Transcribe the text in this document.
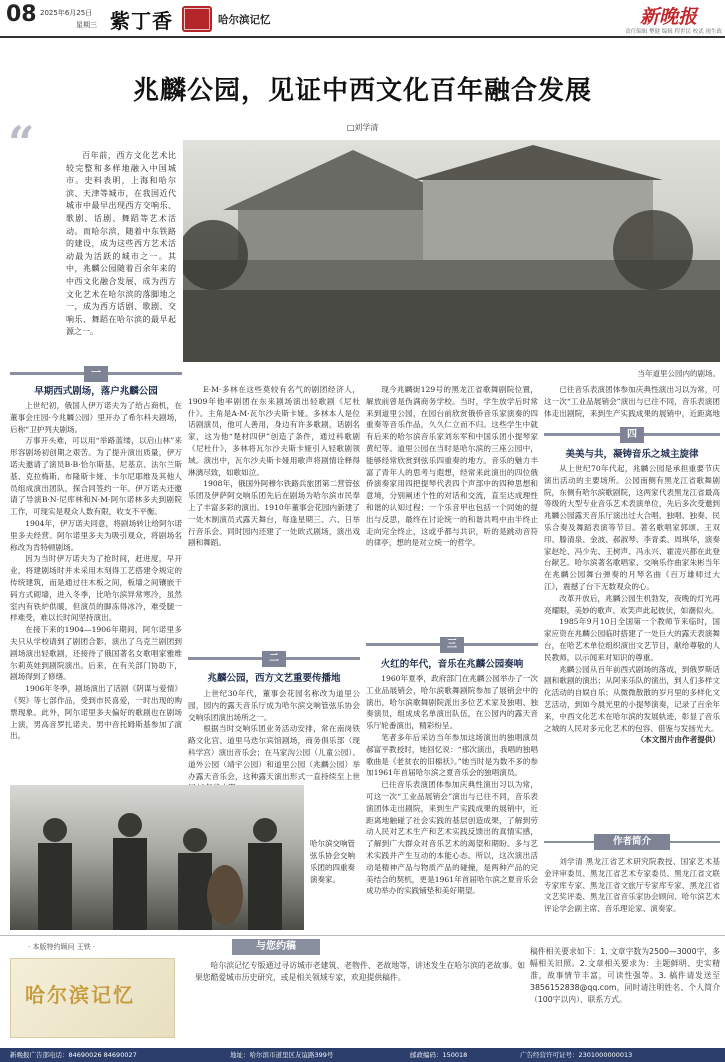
08 2025年6月25日
星期三 紫丁香	哈尔滨记忆	新晚报
责任编辑 樊健 编辑 程世民 校武 视生政
兆麟公园，见证中西文化百年融合发展
□刘学清
“	百年前，西方文化艺术比较完整和多样地融入中国城市。史料表明，上海和哈尔滨、天津等城市，在我国近代城市中最早出现西方交响乐、歌剧、话剧、舞蹈等艺术活动。而哈尔滨，随着中东铁路的建设，成为这些西方艺术活动最为活跃的城市之一。其中，兆麟公园随着百余年来的中西文化融合发展，成为西方文化艺术在哈尔滨的落脚地之一，成为西方话剧、歌剧、交响乐、舞蹈在哈尔滨的最早起源之一。
当年道里公园内的剧场。
一
早期西式剧场，落户兆麟公园

上世纪初，俄国人伊万诺夫为了给占商机，在董事会庄园·今兆麟公园）里开办了希尔科夫剧场，后称“卫护列夫剧场。

万事开头难，可以用“举路蓝缕，以启山林”来形容剧场初创期之艰苦。为了提升演出质量，伊万诺夫邀请了演员B·B·恰尔斯基、尼基京、法尔兰斯基、克拉梅斯、布隆斯卡娅、卡尔尼耶维及其他人员组成演出团队，探合同签约一年。伊万诺夫还邀请了导演B·N·尼库林和N·M·阿尔诺林多夫到剧院工作，可现实是观众人数有限，收支不平衡。

1904年，伊万诺夫同意，将剧场转让给阿尔诺里多夫经营。阿尔诺里多夫为吸引观众，将剧场名称改为肯特顿剧场。

因为当时伊万诺夫为了抢时间，赶进度，早开业，将建剧场时并未采用木刻得工艺搭建令规定的传统建筑，而是通过往木板之间，板墙之间镶嵌干码方式砌墙，进入冬季，比哈尔滨异常寒冷，虽然室内有铁炉供暖，但演员的脚冻得冰冷，难受腿一样难受，难以长时间坚持演出。

在接下来的1904—1906年期间，阿尔诺里多夫只从学校请到了剧团合影，演出了乌克兰剧团到剧场演出轻歌剧，还接待了俄国著名女歌唱家雅维尔莉英娃到剧院演出。后来，在有关部门协助下，剧场得到了修缮。

1906年冬季，剧场演出了话剧《阴谋与爱情》《契》等七部作品，受到市民喜爱，一时出现的购票现象。此外，阿尔诺里多夫偏好的歌剧也在剧场上演，男高音罗扎诺夫、男中音托姆斯基参加了演出。

E·M·多林在这些莫较有名气的剧团经济人，1909年他率剧团在东来剧场演出轻歌剧《尼杜什》。主角是A·M·瓦尔沙夫斯卡娅。多林本人是位话剧演员，他可人善用，身边有许多歌剧，话剧名家，这为他“楚材四伊”创造了条件，通过科歌剧《尼杜什》，多林将瓦尔沙夫斯卡娅引入轻歌剧领域。演出中，瓦尔沙夫斯卡娅用歌声将剧情诠释得淋漓尽致，如歌如泣。

1908年，俄国外阿穆尔铁路兵旅团第二营管弦乐团及伊萨阿交响乐团先后在剧场为哈尔滨市民奉上了丰富多彩的演出。1910年董事会花园内新建了一处木制演员式露天舞台，每逢星期三、六、日举行音乐会。同时园内还建了一处欧式剧场，演出戏剧和舞蹈。

二
兆麟公园，西方文艺重要传播地

上世纪30年代，董事会花园名称改为道里公园，园内的露天音乐厅成为哈尔滨交响管弦乐协会交响乐团演出场所之一。

根据当时交响乐团业务活动安排，常在南岗铁路文化宫、道里马迭尔宾馆剧场，商务俱乐部（现科学宫）演出音乐会；在马家沟公园（儿童公园）、道外公园（靖宇公园）和道里公园（兆麟公园）举办露天音乐会，这种露天演出形式一直持续至上世

现今兆麟街129号的黑龙江省歌舞剧院位置，解放前曾是伪满商务学校。当时，学生放学后时常来到道里公园，在园台前欣赏俄侨音乐家演奏的四重奏等音乐作品，久久仁立而不归。这些学生中就有后来的哈尔滨音乐家刘东军和中国乐团小提琴家黄纪等。道里公园在当时是哈尔滨的三座公园中，能够经常欣赏到弦乐四重奏的地方。音乐的魅力丰富了青年人的思考与遐想，经常来此演出的四位俄侨演奏家用四把提琴代表四个声部中的四种思想和意境，分别阐述个性的对话和交流，直至达成理性和谐的认知过程；一个乐音甲也包括一个同她的提出与反思，最终在讨论统一的和谐共鸣中由半终止走向完全终止，这或乎都与共识，听的是跳动音符的律亭，想的是对立统一的哲学。

三
火红的年代，音乐在兆麟公园奏响

1960年夏季，政府部门在兆麟公园举办了一次工业品展销会，哈尔滨歌舞剧院参加了展销会中的演出，哈尔滨歌舞剧院派出多位艺术家及独唱、独奏演员，组成成名单演出队伍，在公园内的露天音乐厅轮番演出，精彩纷呈。

笔者多年后采访当年参加这场演出的独唱演员郝富平教授时，她回忆说：“那次演出，我唱的独唱歌曲是《老贫农的旧棉袄》。”她当时是为数不多的参加1961年首届哈尔滨之夏音乐会的独唱演员。

已往音乐表演团体参加庆典性演出习以为常，可这一次“工业品展销会”演出与已往不同，音乐表演团体走出剧院，来到生产实践成果的展销中，近距离地触碰了社会实践的基层创造成果，了解到劳动人民对艺术生产和艺术实践反馈出的真情实感，了解到广大群众对音乐艺术的渴望和期盼。多与艺术实践并产生互动的本能心态。所以，这次演出活动是精神产品与物质产品的碰撞，是两种产品的完美结合的契机，更是1961年首届哈尔滨之夏音乐会成功举办的实践铺垫和美好期望。

已往音乐表演团体参加庆典性演出习以为常，可这一次“工业品展销会”演出与已往不同，音乐表演团体走出剧院，来到生产实践成果的展销中，近距离地

四
美美与共，凝铸音乐之城主旋律

从上世纪70年代起，兆麟公园是承担重要节庆演出活动的主要场所。公园南侧有黑龙江省歌舞剧院，东侧有哈尔滨歌剧院，这两家代表黑龙江省最高等级的大型专业音乐艺术表演单位，先后多次受邀到兆麟公园露天音乐厅演出过大合唱、独唱、独奏、民乐合奏及舞蹈表演等节目。著名歌唱家郭颂、王双印、滕清泉、金波、郝淑琴、李青柔、周琪华，演奏家赵纶、冯少先、王树声、冯永兴、霍凌兴都在此登台献艺。哈尔滨著名歌唱家、交响乐作曲家朱彬当年在兆麟公园舞台弹奏的月琴名曲《百万雄师过大江》，震撼了台下无数观众的心。

改革开放后，兆麟公园生机勃发，夜晚的灯光再亮耀眼，美妙的歌声、欢笑声此起彼伏，如潮似火。

1985年9月10日全国第一个教师节来临时，国家应资在兆麟公园临时搭建了一处巨大的露天表演舞台，在哈艺术单位组织演出文艺节目，献给尊敬的人民教师，以示闻来对知识的尊重。

兆麟公园从百年前西式剧场的落成，到俄罗斯话剧和歌剧的演出；从阿来乐队的演出，到人们多样文化活动的自娱自乐；从微微散散的岁月里的多样化文艺活动，到如今晨光里的小提琴演奏，记录了百余年来，中西文化艺术在哈尔滨的发展轨迹，彰显了音乐之城的人民对多元化艺术的包容、借鉴与发扬光大。

（本文图片由作者提供）

哈尔滨交响管弦乐协会交响乐团的四重奏演奏家。
作者简介
刘学清 黑龙江省艺术研究院教授、国家艺术基金评审委员、黑龙江省艺术专家委员、黑龙江省文联专家库专家、黑龙江省文旅厅专家库专家、黑龙江省文艺奖评委、黑龙江省音乐家协会顾问、哈尔滨艺术评论学会副主席、音乐理论家、演奏家。
· 本版特约顾问 王铁 ·
哈尔滨记忆
与您约稿
哈尔滨记忆专版通过寻访城市老建筑、老物件、老故地等，讲述发生在哈尔滨的老故事。如果您酷爱城市历史研究，或是相关领域专家，欢迎提供稿件。
稿件相关要求如下：1. 文章字数为2500—3000字，多幅相关旧照。2.文章相关要求为：主题鲜明、史实精准，故事情节丰富，可读性强等。3. 稿件请发送至3856152838@qq.com，同时请注明姓名、个人简介（100字以内）、联系方式。
新晚报广告部电话：84690026 84690027	地址：哈尔滨市道里区友谊路399号	邮政编码：150018	广告经营许可证号：2301000000013
